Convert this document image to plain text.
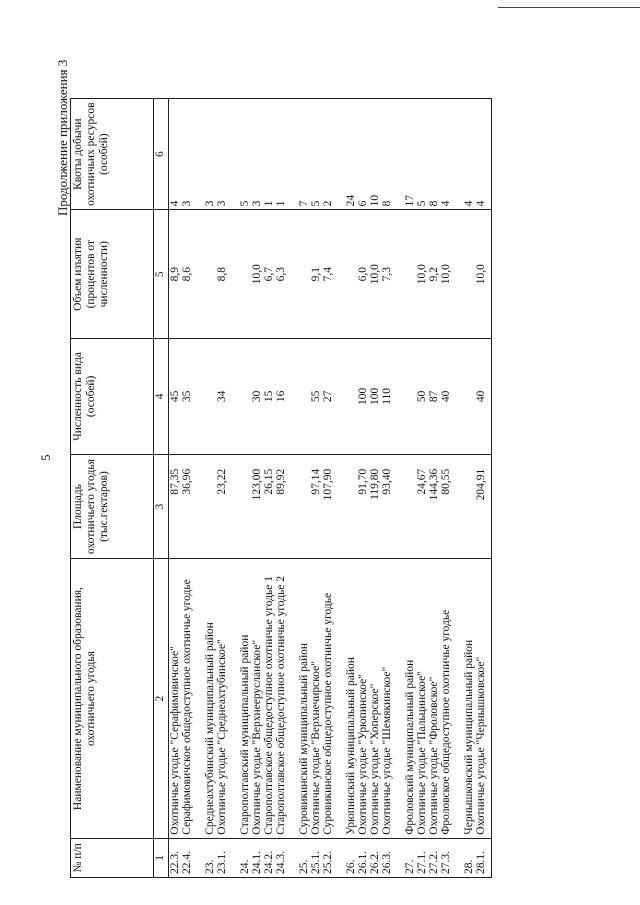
5
Продолжение приложения 3
№ п/п	Наименование муниципального образования, охотничьего угодья	Площадь охотничьего угодья (тыс.гектаров)	Численность вида (особей)	Объем изъятия (процентов от численности)	Квоты добычи охотничьих ресурсов (особей)
1	2	3	4	5	6
22.3.	Охотничье угодье "Серафимовичское"	87,35	45	8,9	4
22.4.	Серафимовичское общедоступное охотничье угодье	36,96	35	8,6	3

23.	Среднеахтубинский муниципальный район				3
23.1.	Охотничье угодье "Среднеахтубинское"	23,22	34	8,8	3

24.	Старополтавский муниципальный район				5
24.1.	Охотничье угодье "Верхнеерусланское"	123,00	30	10,0	3
24.2.	Старополтавское общедоступное охотничье угодье 1	26,15	15	6,7	1
24.3.	Старополтавское общедоступное охотничье угодье 2	89,92	16	6,3	1

25.	Суровикинский муниципальный район				7
25.1.	Охотничье угодье "Верхнечирское"	97,14	55	9,1	5
25.2.	Суровикинское общедоступное охотничье угодье	107,90	27	7,4	2

26.	Урюпинский муниципальный район				24
26.1.	Охотничье угодье "Урюпинское"	91,70	100	6,0	6
26.2.	Охотничье угодье "Хоперское"	119,80	100	10,0	10
26.3.	Охотничье угодье "Шемякинское"	93,40	110	7,3	8

27.	Фроловский муниципальный район				17
27.1.	Охотничье угодье "Пальцинское"	24,67	50	10,0	5
27.2.	Охотничье угодье "Фроловское"	144,36	87	9,2	8
27.3.	Фроловское общедоступное охотничье угодье	80,55	40	10,0	4

28.	Чернышковский муниципальный район				4
28.1.	Охотничье угодье "Чернышковское"	204,91	40	10,0	4
